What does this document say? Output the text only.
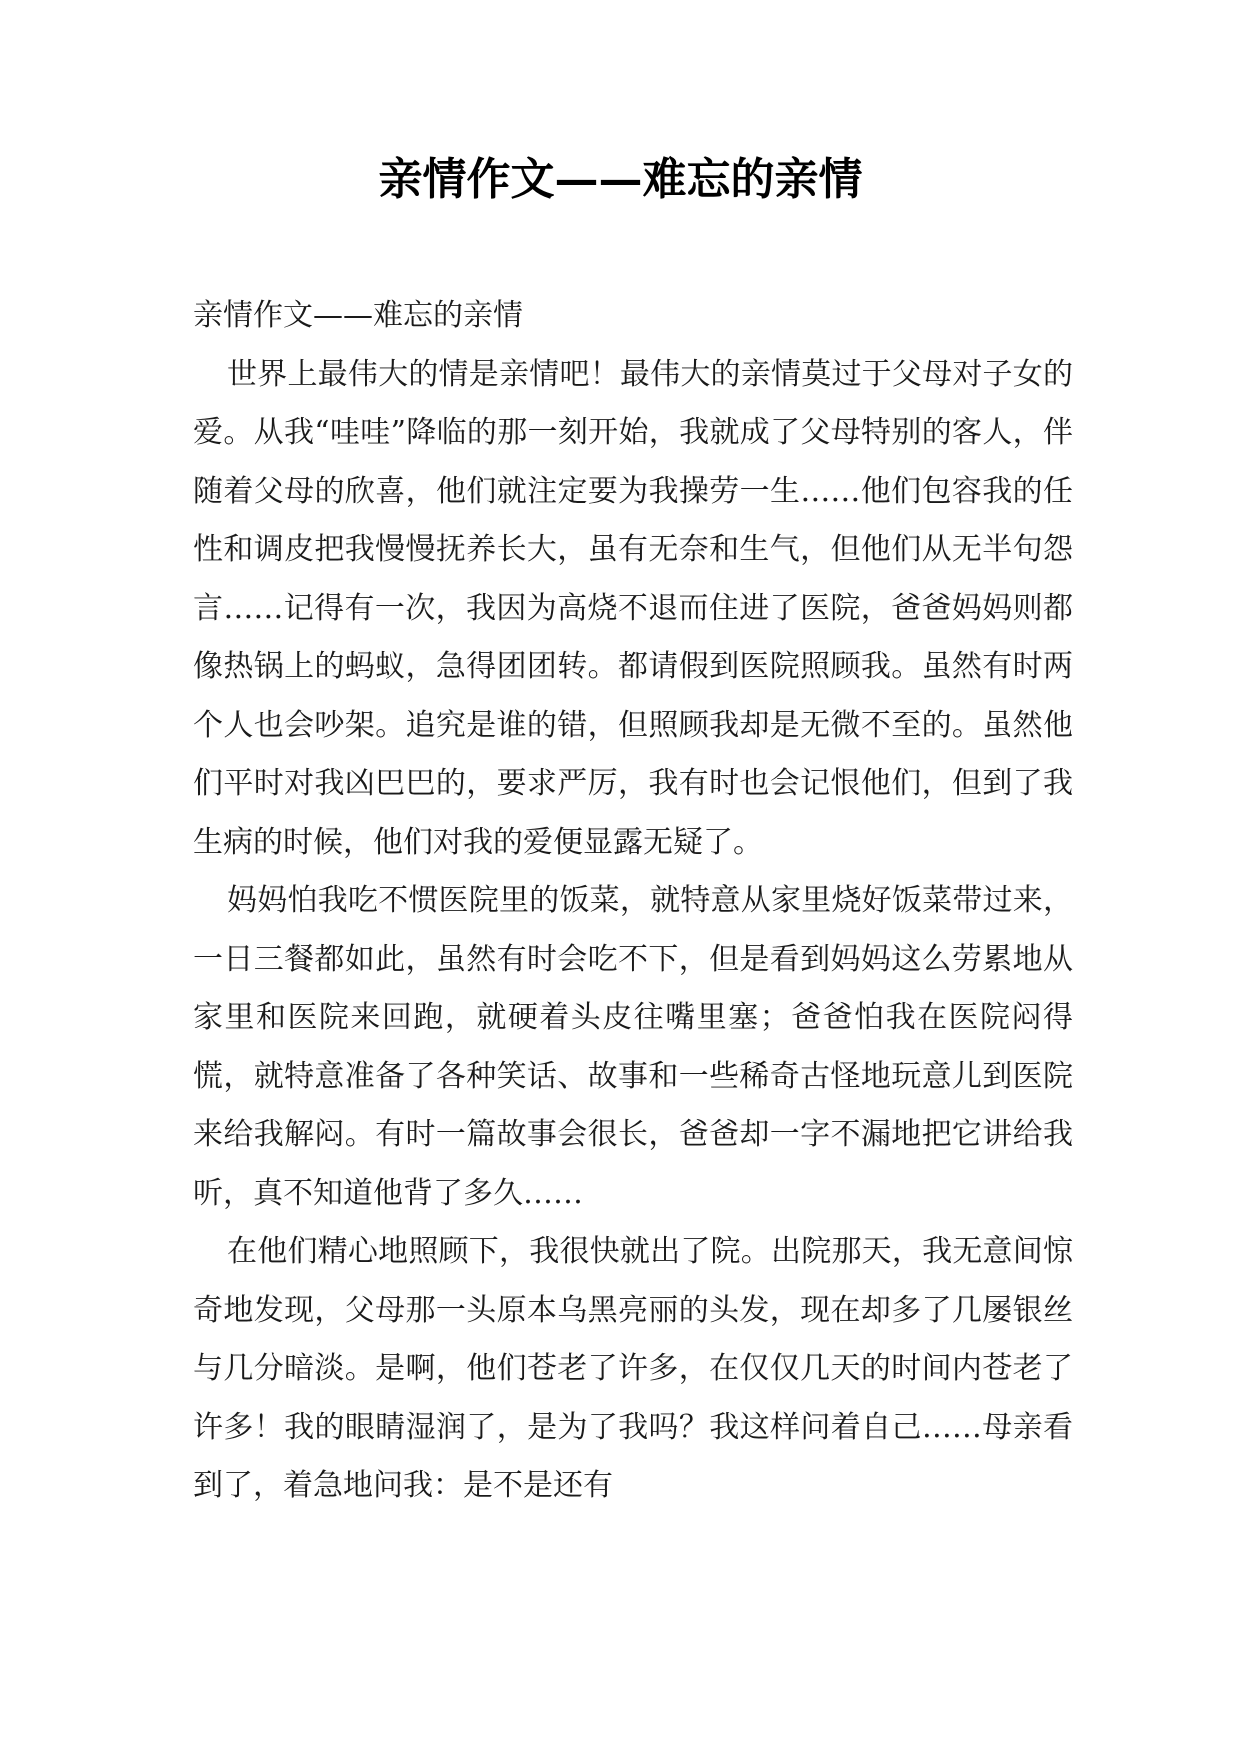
亲情作文——难忘的亲情

亲情作文——难忘的亲情

世界上最伟大的情是亲情吧！最伟大的亲情莫过于父母对子女的爱。从我“哇哇”降临的那一刻开始，我就成了父母特别的客人，伴随着父母的欣喜，他们就注定要为我操劳一生……他们包容我的任性和调皮把我慢慢抚养长大，虽有无奈和生气，但他们从无半句怨言……记得有一次，我因为高烧不退而住进了医院，爸爸妈妈则都像热锅上的蚂蚁，急得团团转。都请假到医院照顾我。虽然有时两个人也会吵架。追究是谁的错，但照顾我却是无微不至的。虽然他们平时对我凶巴巴的，要求严厉，我有时也会记恨他们，但到了我生病的时候，他们对我的爱便显露无疑了。

妈妈怕我吃不惯医院里的饭菜，就特意从家里烧好饭菜带过来，一日三餐都如此，虽然有时会吃不下，但是看到妈妈这么劳累地从家里和医院来回跑，就硬着头皮往嘴里塞；爸爸怕我在医院闷得慌，就特意准备了各种笑话、故事和一些稀奇古怪地玩意儿到医院来给我解闷。有时一篇故事会很长，爸爸却一字不漏地把它讲给我听，真不知道他背了多久……

在他们精心地照顾下，我很快就出了院。出院那天，我无意间惊奇地发现，父母那一头原本乌黑亮丽的头发，现在却多了几屡银丝与几分暗淡。是啊，他们苍老了许多，在仅仅几天的时间内苍老了许多！我的眼睛湿润了，是为了我吗？我这样问着自己……母亲看到了，着急地问我：是不是还有
